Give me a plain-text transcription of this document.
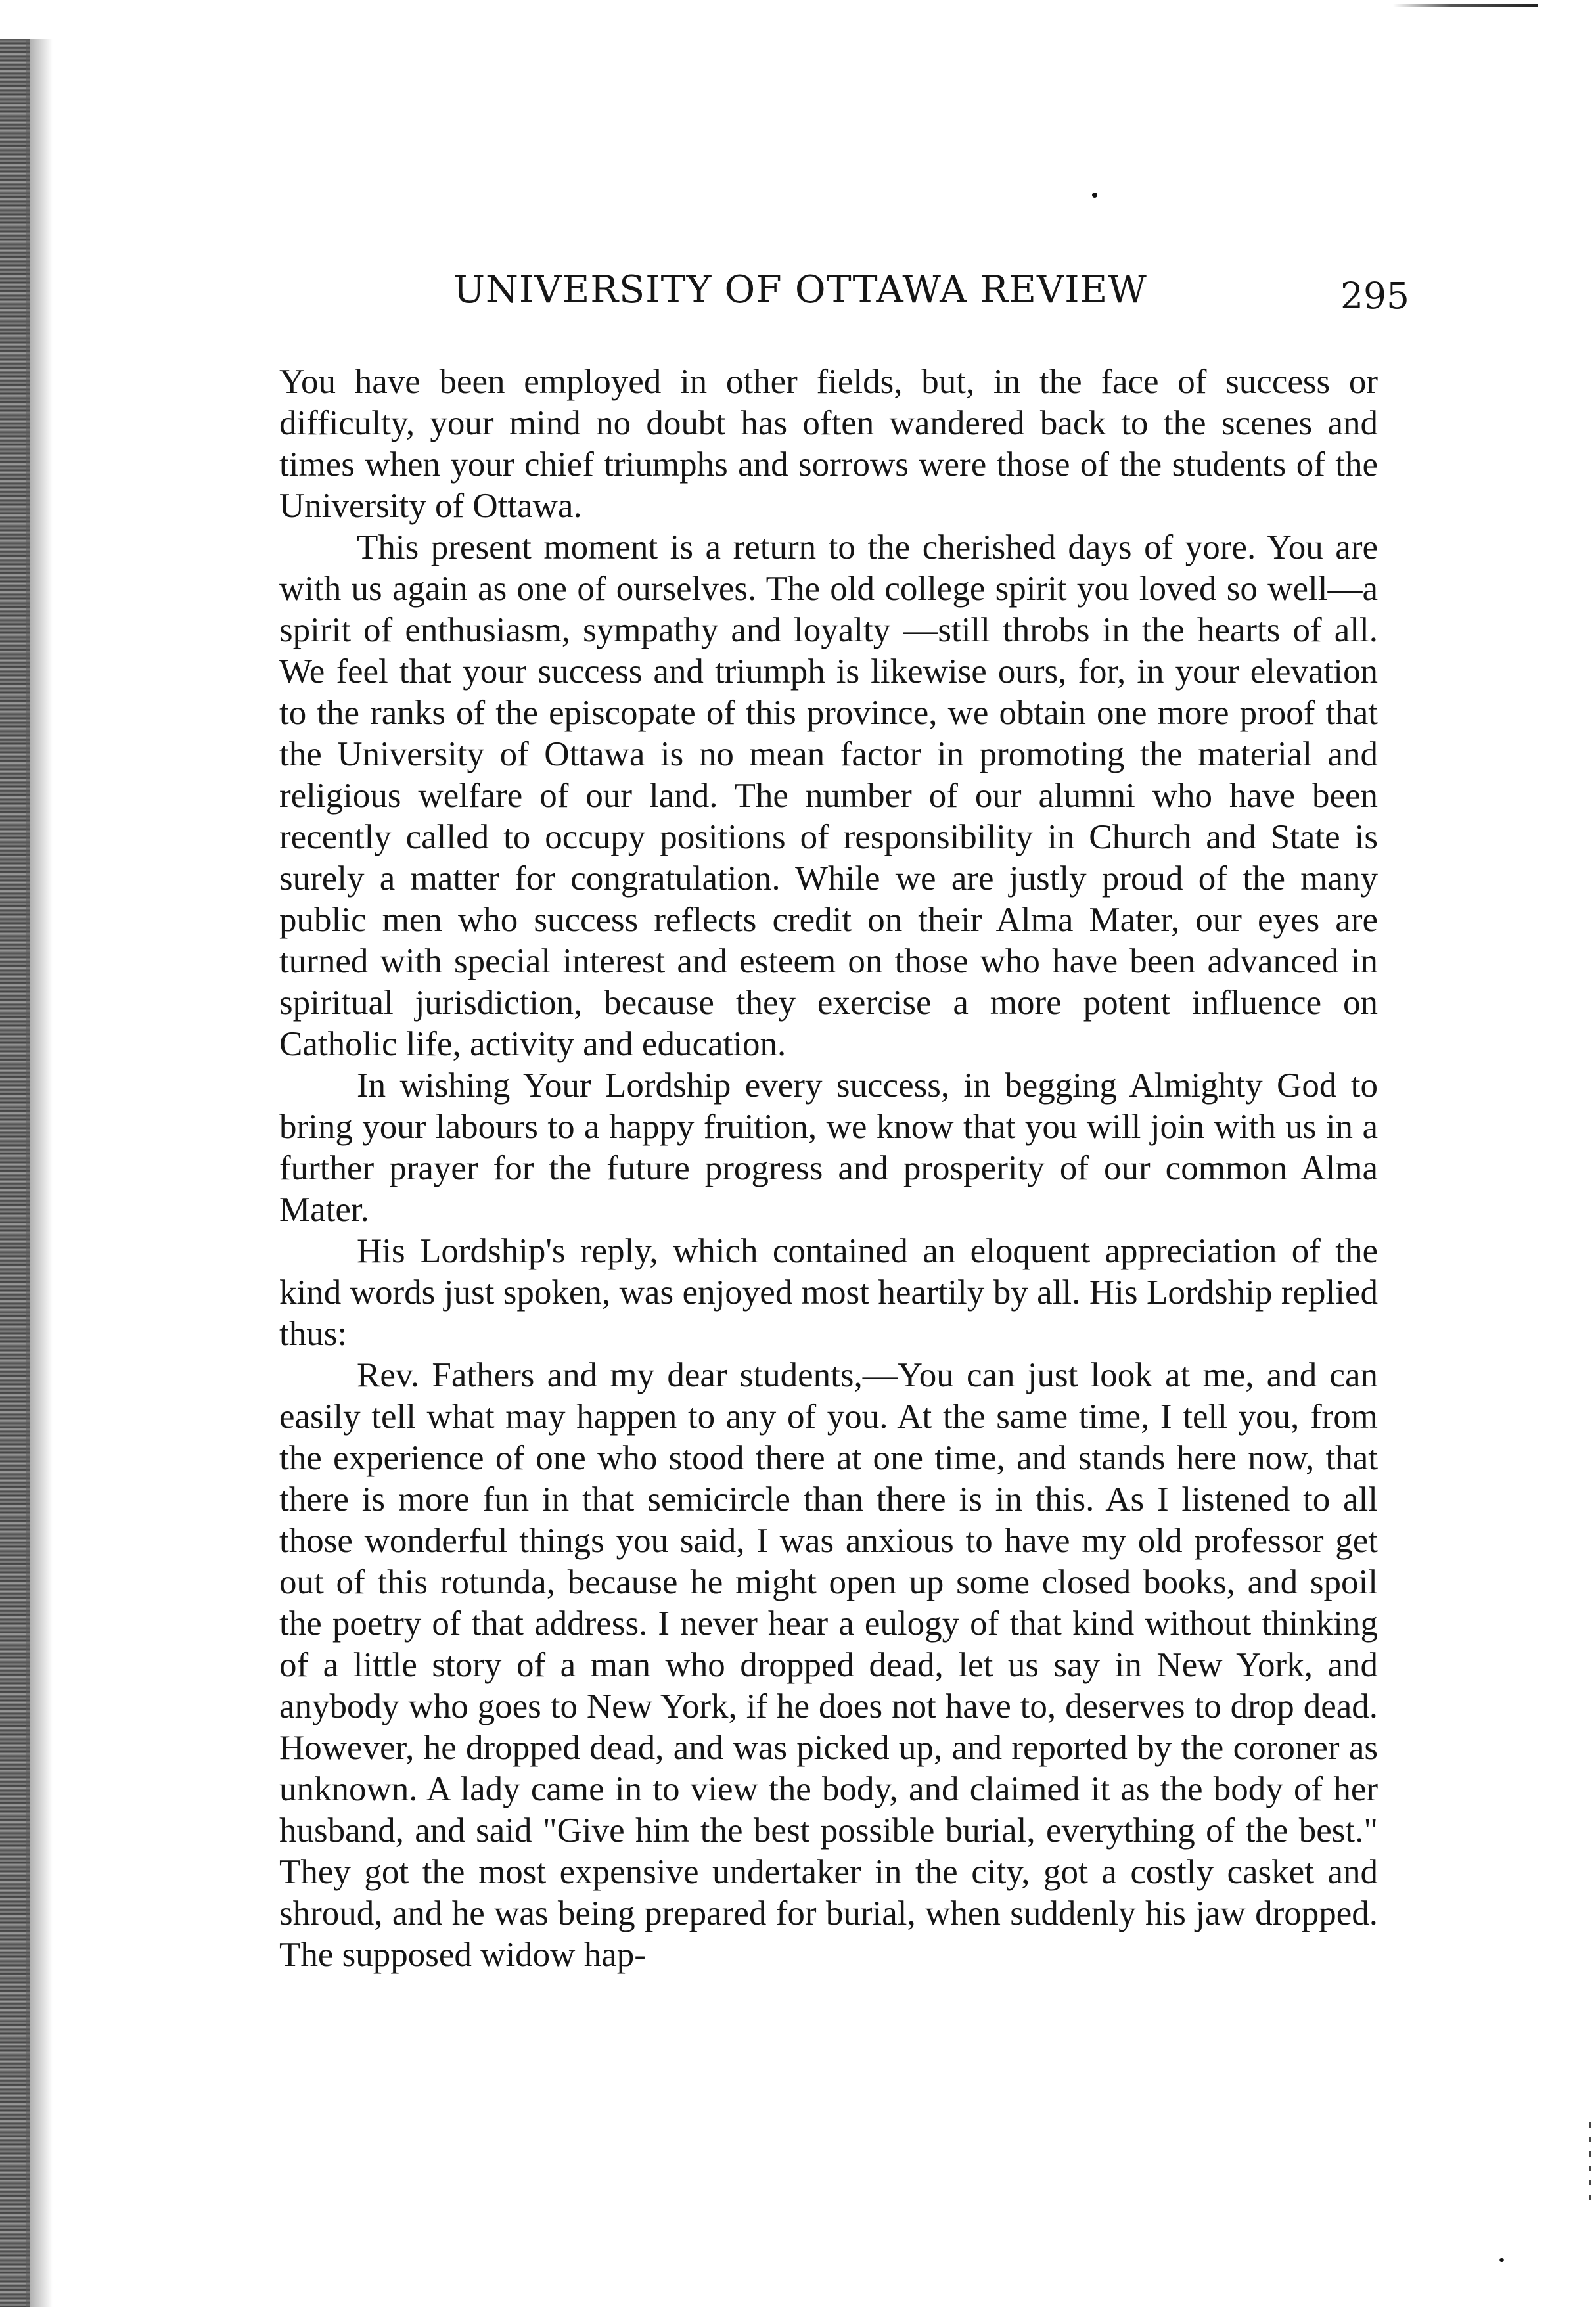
UNIVERSITY OF OTTAWA REVIEW	295

You have been employed in other fields, but, in the face of success or difficulty, your mind no doubt has often wandered back to the scenes and times when your chief triumphs and sorrows were those of the students of the University of Ottawa.

This present moment is a return to the cherished days of yore. You are with us again as one of ourselves. The old college spirit you loved so well—a spirit of enthusiasm, sympathy and loyalty —still throbs in the hearts of all. We feel that your success and triumph is likewise ours, for, in your elevation to the ranks of the episcopate of this province, we obtain one more proof that the University of Ottawa is no mean factor in promoting the material and religious welfare of our land. The number of our alumni who have been recently called to occupy positions of responsibility in Church and State is surely a matter for congratulation. While we are justly proud of the many public men who success reflects credit on their Alma Mater, our eyes are turned with special interest and esteem on those who have been advanced in spiritual jurisdiction, because they exercise a more potent influence on Catholic life, activity and education.

In wishing Your Lordship every success, in begging Almighty God to bring your labours to a happy fruition, we know that you will join with us in a further prayer for the future progress and prosperity of our common Alma Mater.

His Lordship's reply, which contained an eloquent appreciation of the kind words just spoken, was enjoyed most heartily by all. His Lordship replied thus:

Rev. Fathers and my dear students,—You can just look at me, and can easily tell what may happen to any of you. At the same time, I tell you, from the experience of one who stood there at one time, and stands here now, that there is more fun in that semicircle than there is in this. As I listened to all those wonderful things you said, I was anxious to have my old professor get out of this rotunda, because he might open up some closed books, and spoil the poetry of that address. I never hear a eulogy of that kind without thinking of a little story of a man who dropped dead, let us say in New York, and anybody who goes to New York, if he does not have to, deserves to drop dead. However, he dropped dead, and was picked up, and reported by the coroner as unknown. A lady came in to view the body, and claimed it as the body of her husband, and said "Give him the best possible burial, everything of the best." They got the most expensive undertaker in the city, got a costly casket and shroud, and he was being prepared for burial, when suddenly his jaw dropped. The supposed widow hap-
